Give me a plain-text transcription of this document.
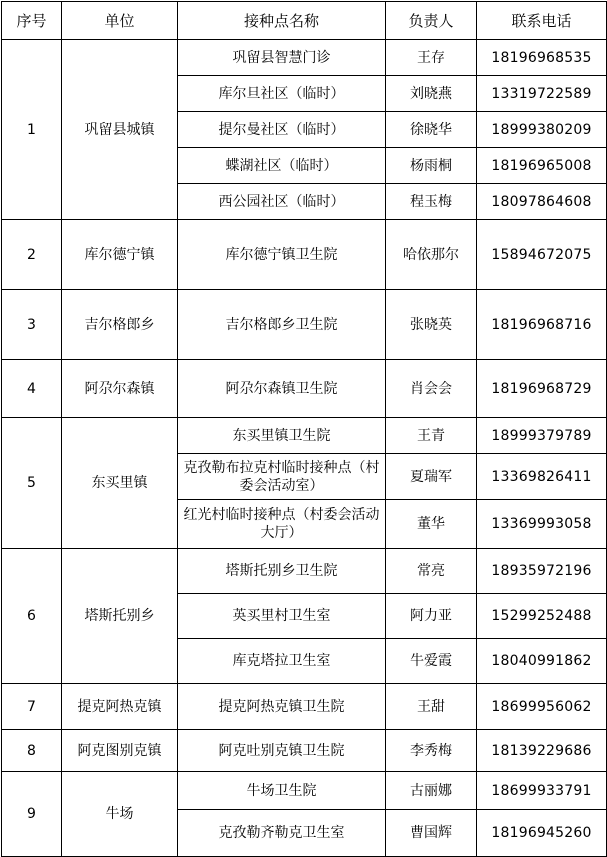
序号	单位	接种点名称	负责人	联系电话
1	巩留县城镇	巩留县智慧门诊	王存	18196968535
		库尔旦社区（临时）	刘晓燕	13319722589
		提尔曼社区（临时）	徐晓华	18999380209
		蝶湖社区（临时）	杨雨桐	18196965008
		西公园社区（临时）	程玉梅	18097864608
2	库尔德宁镇	库尔德宁镇卫生院	哈依那尔	15894672075
3	吉尔格郎乡	吉尔格郎乡卫生院	张晓英	18196968716
4	阿尕尔森镇	阿尕尔森镇卫生院	肖会会	18196968729
5	东买里镇	东买里镇卫生院	王青	18999379789
		克孜勒布拉克村临时接种点（村委会活动室）	夏瑞军	13369826411
		红光村临时接种点（村委会活动大厅）	董华	13369993058
6	塔斯托别乡	塔斯托别乡卫生院	常亮	18935972196
		英买里村卫生室	阿力亚	15299252488
		库克塔拉卫生室	牛爱霞	18040991862
7	提克阿热克镇	提克阿热克镇卫生院	王甜	18699956062
8	阿克图别克镇	阿克吐别克镇卫生院	李秀梅	18139229686
9	牛场	牛场卫生院	古丽娜	18699933791
		克孜勒齐勒克卫生室	曹国辉	18196945260
